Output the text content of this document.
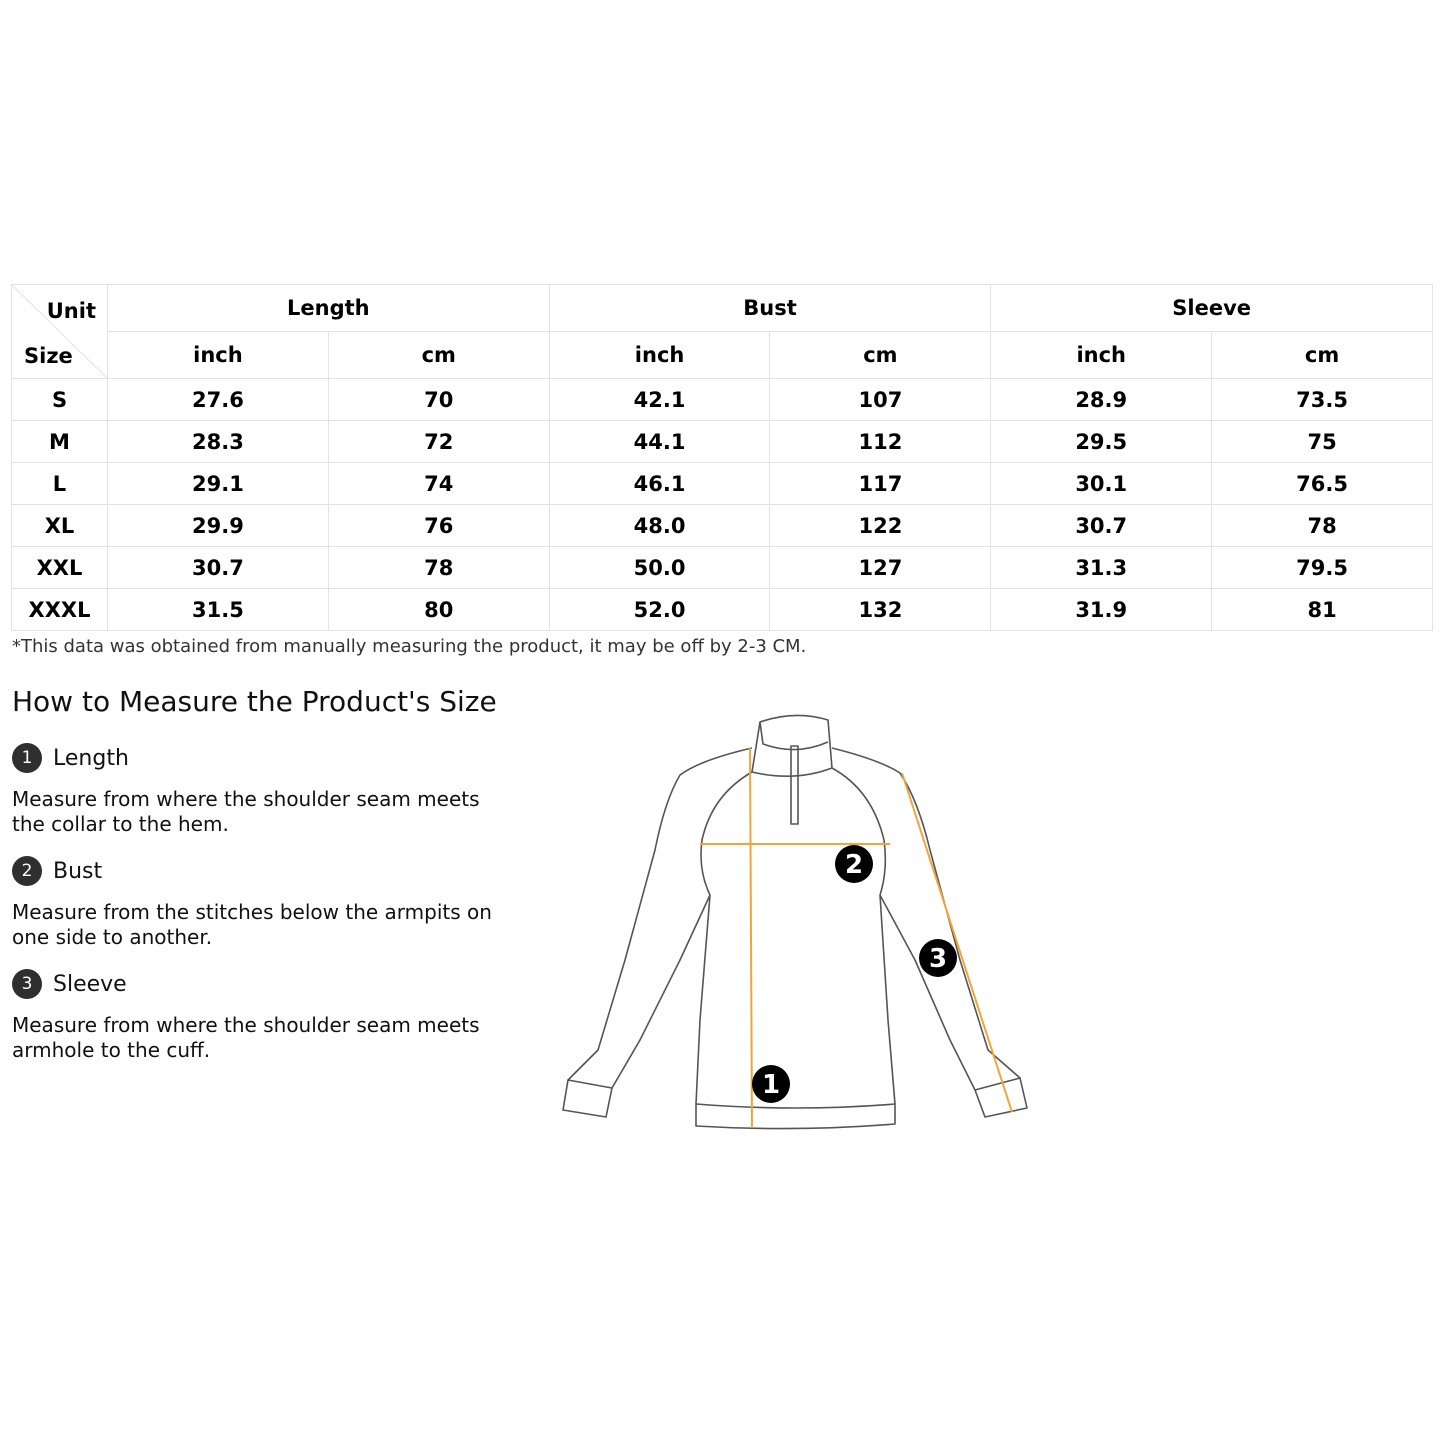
Unit
Size	Length		Bust		Sleeve	
	inch	cm	inch	cm	inch	cm
S	27.6	70	42.1	107	28.9	73.5
M	28.3	72	44.1	112	29.5	75
L	29.1	74	46.1	117	30.1	76.5
XL	29.9	76	48.0	122	30.7	78
XXL	30.7	78	50.0	127	31.3	79.5
XXXL	31.5	80	52.0	132	31.9	81
*This data was obtained from manually measuring the product, it may be off by 2-3 CM.
How to Measure the Product's Size
1 Length
Measure from where the shoulder seam meets the collar to the hem.
2 Bust
Measure from the stitches below the armpits on one side to another.
3 Sleeve
Measure from where the shoulder seam meets armhole to the cuff.
1
2
3
